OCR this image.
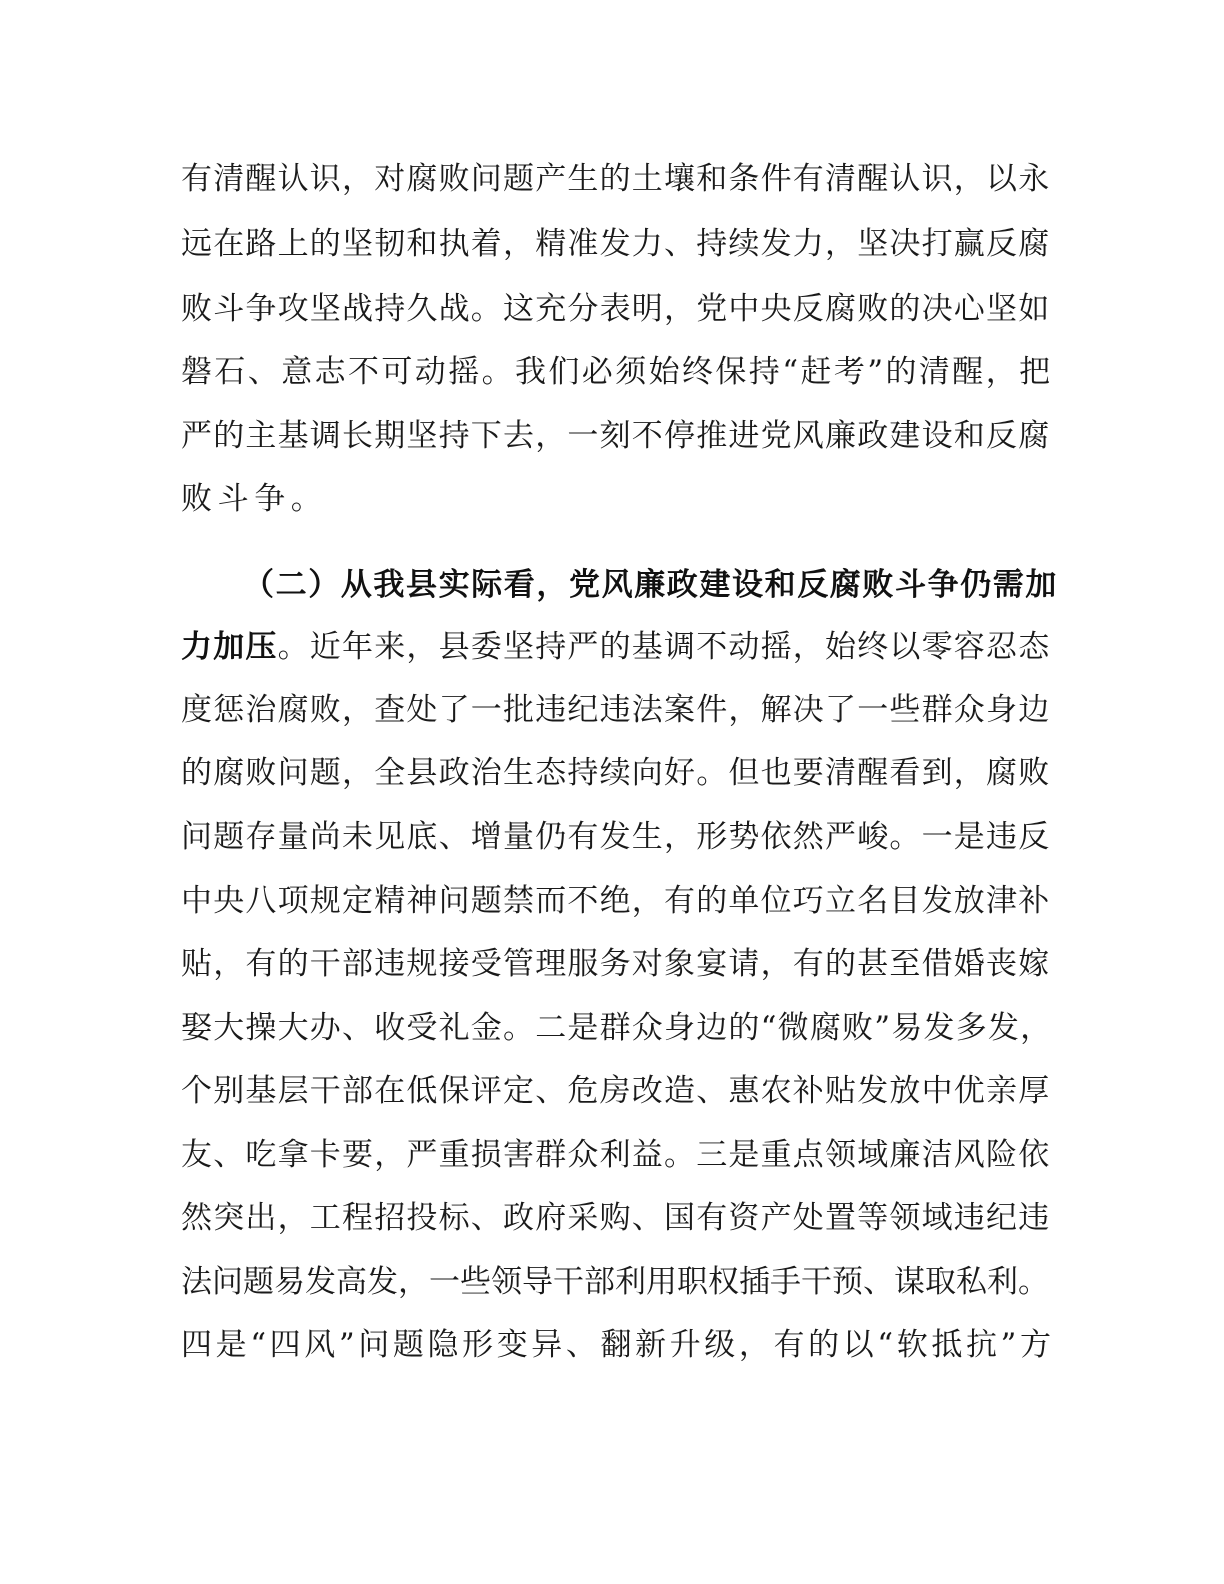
有清醒认识，对腐败问题产生的土壤和条件有清醒认识，以永
远在路上的坚韧和执着，精准发力、持续发力，坚决打赢反腐
败斗争攻坚战持久战。这充分表明，党中央反腐败的决心坚如
磐石、意志不可动摇。我们必须始终保持“赶考”的清醒，把
严的主基调长期坚持下去，一刻不停推进党风廉政建设和反腐
败斗争。
（二）从我县实际看，党风廉政建设和反腐败斗争仍需加
力加压。近年来，县委坚持严的基调不动摇，始终以零容忍态
度惩治腐败，查处了一批违纪违法案件，解决了一些群众身边
的腐败问题，全县政治生态持续向好。但也要清醒看到，腐败
问题存量尚未见底、增量仍有发生，形势依然严峻。一是违反
中央八项规定精神问题禁而不绝，有的单位巧立名目发放津补
贴，有的干部违规接受管理服务对象宴请，有的甚至借婚丧嫁
娶大操大办、收受礼金。二是群众身边的“微腐败”易发多发，
个别基层干部在低保评定、危房改造、惠农补贴发放中优亲厚
友、吃拿卡要，严重损害群众利益。三是重点领域廉洁风险依
然突出，工程招投标、政府采购、国有资产处置等领域违纪违
法问题易发高发，一些领导干部利用职权插手干预、谋取私利。
四是“四风”问题隐形变异、翻新升级，有的以“软抵抗”方
